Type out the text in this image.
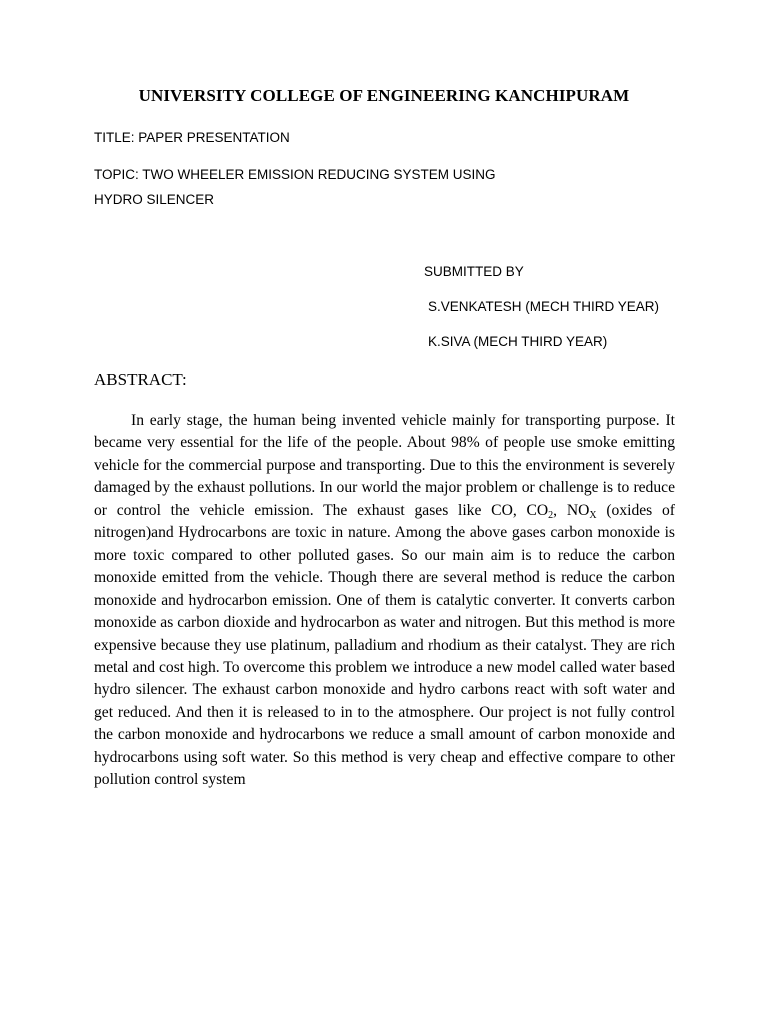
UNIVERSITY COLLEGE OF ENGINEERING KANCHIPURAM
TITLE: PAPER PRESENTATION
TOPIC: TWO WHEELER EMISSION REDUCING SYSTEM USING
HYDRO SILENCER
SUBMITTED BY
S.VENKATESH (MECH THIRD YEAR)
K.SIVA (MECH THIRD YEAR)
ABSTRACT:

In early stage, the human being invented vehicle mainly for transporting purpose. It became very essential for the life of the people. About 98% of people use smoke emitting vehicle for the commercial purpose and transporting. Due to this the environment is severely damaged by the exhaust pollutions. In our world the major problem or challenge is to reduce or control the vehicle emission. The exhaust gases like CO, $CO_2$, $NO_X$ (oxides of nitrogen)and Hydrocarbons are toxic in nature. Among the above gases carbon monoxide is more toxic compared to other polluted gases. So our main aim is to reduce the carbon monoxide emitted from the vehicle. Though there are several method is reduce the carbon monoxide and hydrocarbon emission. One of them is catalytic converter. It converts carbon monoxide as carbon dioxide and hydrocarbon as water and nitrogen. But this method is more expensive because they use platinum, palladium and rhodium as their catalyst. They are rich metal and cost high. To overcome this problem we introduce a new model called water based hydro silencer. The exhaust carbon monoxide and hydro carbons react with soft water and get reduced. And then it is released to in to the atmosphere. Our project is not fully control the carbon monoxide and hydrocarbons we reduce a small amount of carbon monoxide and hydrocarbons using soft water. So this method is very cheap and effective compare to other pollution control system
